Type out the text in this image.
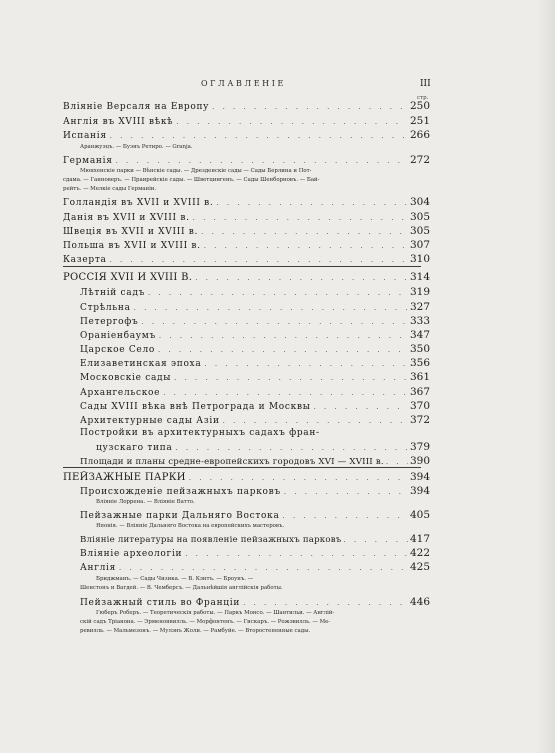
ОГЛАВЛЕНІЕ	III
стр.
Вліяніе Версаля на Европу . . .	250
Англія въ XVIII вѣкѣ . . .	251
Испанія . . .	266
Аранжуэцъ. — Буэнъ Ретиро. — Granja.
Германія . . .	272
Мюнхенскіе парки — Вѣнскіе сады. — Дрезденскіе сады — Сады Берлина и Пот-
сдама. — Ганноверъ. — Праирейскіе сады. — Шветцингенъ. — Сады Шенборновъ. — Бай-
рейтъ. — Мелкіе сады Германіи.
Голландія въ XVII и XVIII в. . . .	304
Данія въ XVII и XVIII в. . . .	305
Швеція въ XVII и XVIII в. . . .	305
Польша въ XVII и XVIII в. . . .	307
Казерта . . .	310
РОССІЯ XVII И XVIII В. . . .	314
Лѣтній садъ . . .	319
Стрѣльна . . .	327
Петергофъ . . .	333
Ораніенбаумъ . . .	347
Царское Село . . .	350
Елизаветинская эпоха . . .	356
Московскіе сады . . .	361
Архангельское . . .	367
Сады XVIII вѣка внѣ Петрограда и Москвы . . .	370
Архитектурные сады Азіи . . .	372
Постройки въ архитектурныхъ садахъ фран-
цузскаго типа . . .	379
Площади и планы средне-европейскихъ городовъ XVI — XVIII в. . . . 390
ПЕЙЗАЖНЫЕ ПАРКИ . . .	394
Происхожденіе пейзажныхъ парковъ . . .	394
Вліяніе Лоррена. — Вліяніе Ватто.
Пейзажные парки Дальняго Востока . . .	405
Японія. — Вліяніе Дальняго Востока на европейскихъ мастеровъ.
Вліяніе литературы на появленіе пейзажныхъ парковъ . . .	417
Вліяніе археологіи . . .	422
Англія . . .	425
Бриджманъ. — Сады Чизика. — В. Кэнтъ. — Броунъ. —
Шенстонъ и Вагдей. — В. Чемберсъ. — Дальнѣйшія англійскія работы.
Пейзажный стиль во Франціи . . .	446
Гюберъ Роберъ. — Теоретическія работы. — Паркъ Монсо. — Шантильи. — Англій-
скій садъ Тріанона. — Эрменонвилль. — Морфонтенъ. — Гискаръ. — Рожэвилль. — Ме-
ревилль. — Мальмезонъ. — Мулэнъ Жоли. — Рамбуйе. — Второстепенные сады.
